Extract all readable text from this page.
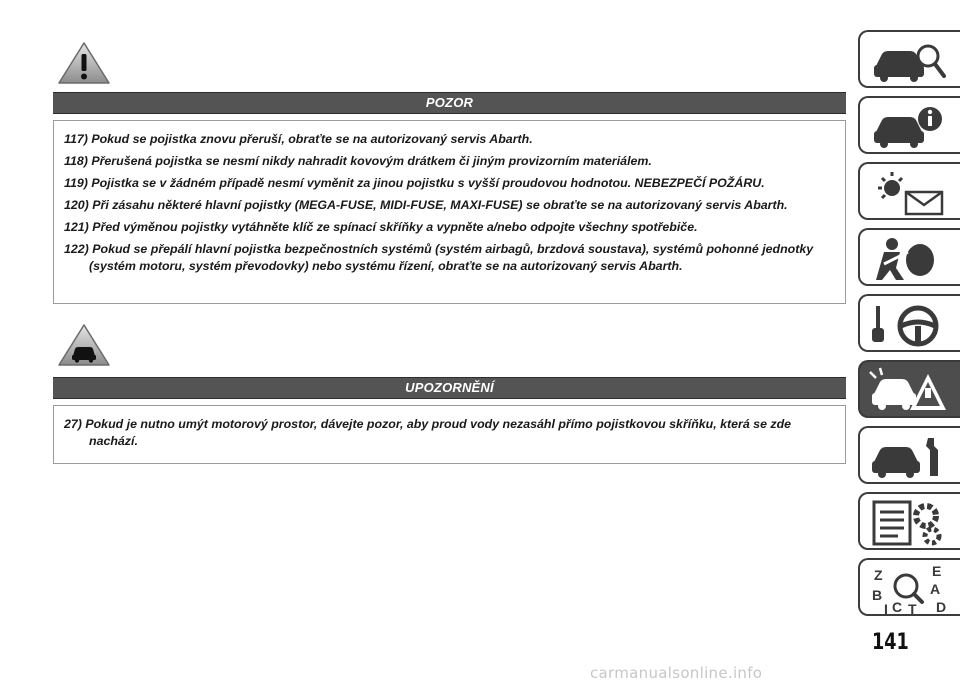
POZOR

117) Pokud se pojistka znovu přeruší, obraťte se na autorizovaný servis Abarth.

118) Přerušená pojistka se nesmí nikdy nahradit kovovým drátkem či jiným provizorním materiálem.

119) Pojistka se v žádném případě nesmí vyměnit za jinou pojistku s vyšší proudovou hodnotou. NEBEZPEČÍ POŽÁRU.

120) Při zásahu některé hlavní pojistky (MEGA-FUSE, MIDI-FUSE, MAXI-FUSE) se obraťte se na autorizovaný servis Abarth.

121) Před výměnou pojistky vytáhněte klíč ze spínací skříňky a vypněte a/nebo odpojte všechny spotřebiče.

122) Pokud se přepálí hlavní pojistka bezpečnostních systémů (systém airbagů, brzdová soustava), systémů pohonné jednotky (systém motoru, systém převodovky) nebo systému řízení, obraťte se na autorizovaný servis Abarth.

UPOZORNĚNÍ

27) Pokud je nutno umýt motorový prostor, dávejte pozor, aby proud vody nezasáhl přímo pojistkovou skříňku, která se zde nachází.

Z	E
A
B
D
C T
I
141
carmanualsonline.info
